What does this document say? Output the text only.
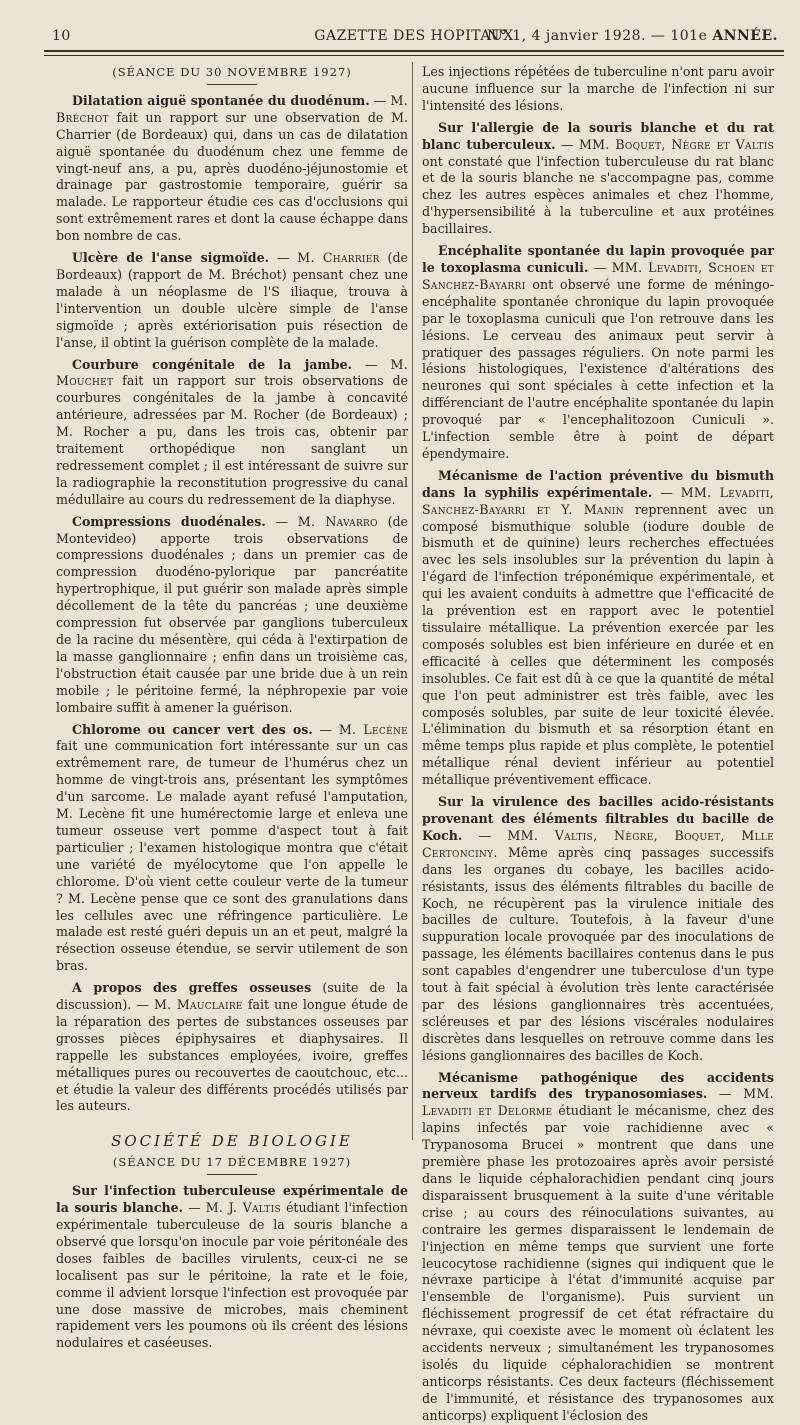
10	GAZETTE DES HOPITAUX
N° 1, 4 janvier 1928. — 101e ANNÉE.
(SÉANCE DU 30 NOVEMBRE 1927)

Dilatation aiguë spontanée du duodénum. — M. Bréchot fait un rapport sur une observation de M. Charrier (de Bordeaux) qui, dans un cas de dilatation aiguë spontanée du duodénum chez une femme de vingt-neuf ans, a pu, après duodéno-jéjunostomie et drainage par gastrostomie temporaire, guérir sa malade. Le rapporteur étudie ces cas d'occlusions qui sont extrêmement rares et dont la cause échappe dans bon nombre de cas.

Ulcère de l'anse sigmoïde. — M. Charrier (de Bordeaux) (rapport de M. Bréchot) pensant chez une malade à un néoplasme de l'S iliaque, trouva à l'intervention un double ulcère simple de l'anse sigmoïde ; après extériorisation puis résection de l'anse, il obtint la guérison complète de la malade.

Courbure congénitale de la jambe. — M. Mouchet fait un rapport sur trois observations de courbures congénitales de la jambe à concavité antérieure, adressées par M. Rocher (de Bordeaux) ; M. Rocher a pu, dans les trois cas, obtenir par traitement orthopédique non sanglant un redressement complet ; il est intéressant de suivre sur la radiographie la reconstitution progressive du canal médullaire au cours du redressement de la diaphyse.

Compressions duodénales. — M. Navarro (de Montevideo) apporte trois observations de compressions duodénales ; dans un premier cas de compression duodéno-pylorique par pancréatite hypertrophique, il put guérir son malade après simple décollement de la tête du pancréas ; une deuxième compression fut observée par ganglions tuberculeux de la racine du mésentère, qui céda à l'extirpation de la masse ganglionnaire ; enfin dans un troisième cas, l'obstruction était causée par une bride due à un rein mobile ; le péritoine fermé, la néphropexie par voie lombaire suffit à amener la guérison.

Chlorome ou cancer vert des os. — M. Lecène fait une communication fort intéressante sur un cas extrêmement rare, de tumeur de l'humérus chez un homme de vingt-trois ans, présentant les symptômes d'un sarcome. Le malade ayant refusé l'amputation, M. Lecène fit une humérectomie large et enleva une tumeur osseuse vert pomme d'aspect tout à fait particulier ; l'examen histologique montra que c'était une variété de myélocytome que l'on appelle le chlorome. D'où vient cette couleur verte de la tumeur ? M. Lecène pense que ce sont des granulations dans les cellules avec une réfringence particulière. Le malade est resté guéri depuis un an et peut, malgré la résection osseuse étendue, se servir utilement de son bras.

A propos des greffes osseuses (suite de la discussion). — M. Mauclaire fait une longue étude de la réparation des pertes de substances osseuses par grosses pièces épiphysaires et diaphysaires. Il rappelle les substances employées, ivoire, greffes métalliques pures ou recouvertes de caoutchouc, etc... et étudie la valeur des différents procédés utilisés par les auteurs.

SOCIÉTÉ DE BIOLOGIE
(SÉANCE DU 17 DÉCEMBRE 1927)

Sur l'infection tuberculeuse expérimentale de la souris blanche. — M. J. Valtis étudiant l'infection expérimentale tuberculeuse de la souris blanche a observé que lorsqu'on inocule par voie péritonéale des doses faibles de bacilles virulents, ceux-ci ne se localisent pas sur le péritoine, la rate et le foie, comme il advient lorsque l'infection est provoquée par une dose massive de microbes, mais cheminent rapidement vers les poumons où ils créent des lésions nodulaires et caséeuses.

Les injections répétées de tuberculine n'ont paru avoir aucune influence sur la marche de l'infection ni sur l'intensité des lésions.

Sur l'allergie de la souris blanche et du rat blanc tuberculeux. — MM. Boquet, Nègre et Valtis ont constaté que l'infection tuberculeuse du rat blanc et de la souris blanche ne s'accompagne pas, comme chez les autres espèces animales et chez l'homme, d'hypersensibilité à la tuberculine et aux protéines bacillaires.

Encéphalite spontanée du lapin provoquée par le toxoplasma cuniculi. — MM. Levaditi, Schoen et Sanchez-Bayarri ont observé une forme de méningo-encéphalite spontanée chronique du lapin provoquée par le toxoplasma cuniculi que l'on retrouve dans les lésions. Le cerveau des animaux peut servir à pratiquer des passages réguliers. On note parmi les lésions histologiques, l'existence d'altérations des neurones qui sont spéciales à cette infection et la différenciant de l'autre encéphalite spontanée du lapin provoqué par « l'encephalitozoon Cuniculi ». L'infection semble être à point de départ épendymaire.

Mécanisme de l'action préventive du bismuth dans la syphilis expérimentale. — MM. Levaditi, Sanchez-Bayarri et Y. Manin reprennent avec un composé bismuthique soluble (iodure double de bismuth et de quinine) leurs recherches effectuées avec les sels insolubles sur la prévention du lapin à l'égard de l'infection tréponémique expérimentale, et qui les avaient conduits à admettre que l'efficacité de la prévention est en rapport avec le potentiel tissulaire métallique. La prévention exercée par les composés solubles est bien inférieure en durée et en efficacité à celles que déterminent les composés insolubles. Ce fait est dû à ce que la quantité de métal que l'on peut administrer est très faible, avec les composés solubles, par suite de leur toxicité élevée. L'élimination du bismuth et sa résorption étant en même temps plus rapide et plus complète, le potentiel métallique rénal devient inférieur au potentiel métallique préventivement efficace.

Sur la virulence des bacilles acido-résistants provenant des éléments filtrables du bacille de Koch. — MM. Valtis, Nègre, Boquet, Mlle Certonciny. Même après cinq passages successifs dans les organes du cobaye, les bacilles acido-résistants, issus des éléments filtrables du bacille de Koch, ne récupèrent pas la virulence initiale des bacilles de culture. Toutefois, à la faveur d'une suppuration locale provoquée par des inoculations de passage, les éléments bacillaires contenus dans le pus sont capables d'engendrer une tuberculose d'un type tout à fait spécial à évolution très lente caractérisée par des lésions ganglionnaires très accentuées, scléreuses et par des lésions viscérales nodulaires discrètes dans lesquelles on retrouve comme dans les lésions ganglionnaires des bacilles de Koch.

Mécanisme pathogénique des accidents nerveux tardifs des trypanosomiases. — MM. Levaditi et Delorme étudiant le mécanisme, chez des lapins infectés par voie rachidienne avec « Trypanosoma Brucei » montrent que dans une première phase les protozoaires après avoir persisté dans le liquide céphalorachidien pendant cinq jours disparaissent brusquement à la suite d'une véritable crise ; au cours des réinoculations suivantes, au contraire les germes disparaissent le lendemain de l'injection en même temps que survient une forte leucocytose rachidienne (signes qui indiquent que le névraxe participe à l'état d'immunité acquise par l'ensemble de l'organisme). Puis survient un fléchissement progressif de cet état réfractaire du névraxe, qui coexiste avec le moment où éclatent les accidents nerveux ; simultanément les trypanosomes isolés du liquide céphalorachidien se montrent anticorps résistants. Ces deux facteurs (fléchissement de l'immunité, et résistance des trypanosomes aux anticorps) expliquent l'éclosion des
